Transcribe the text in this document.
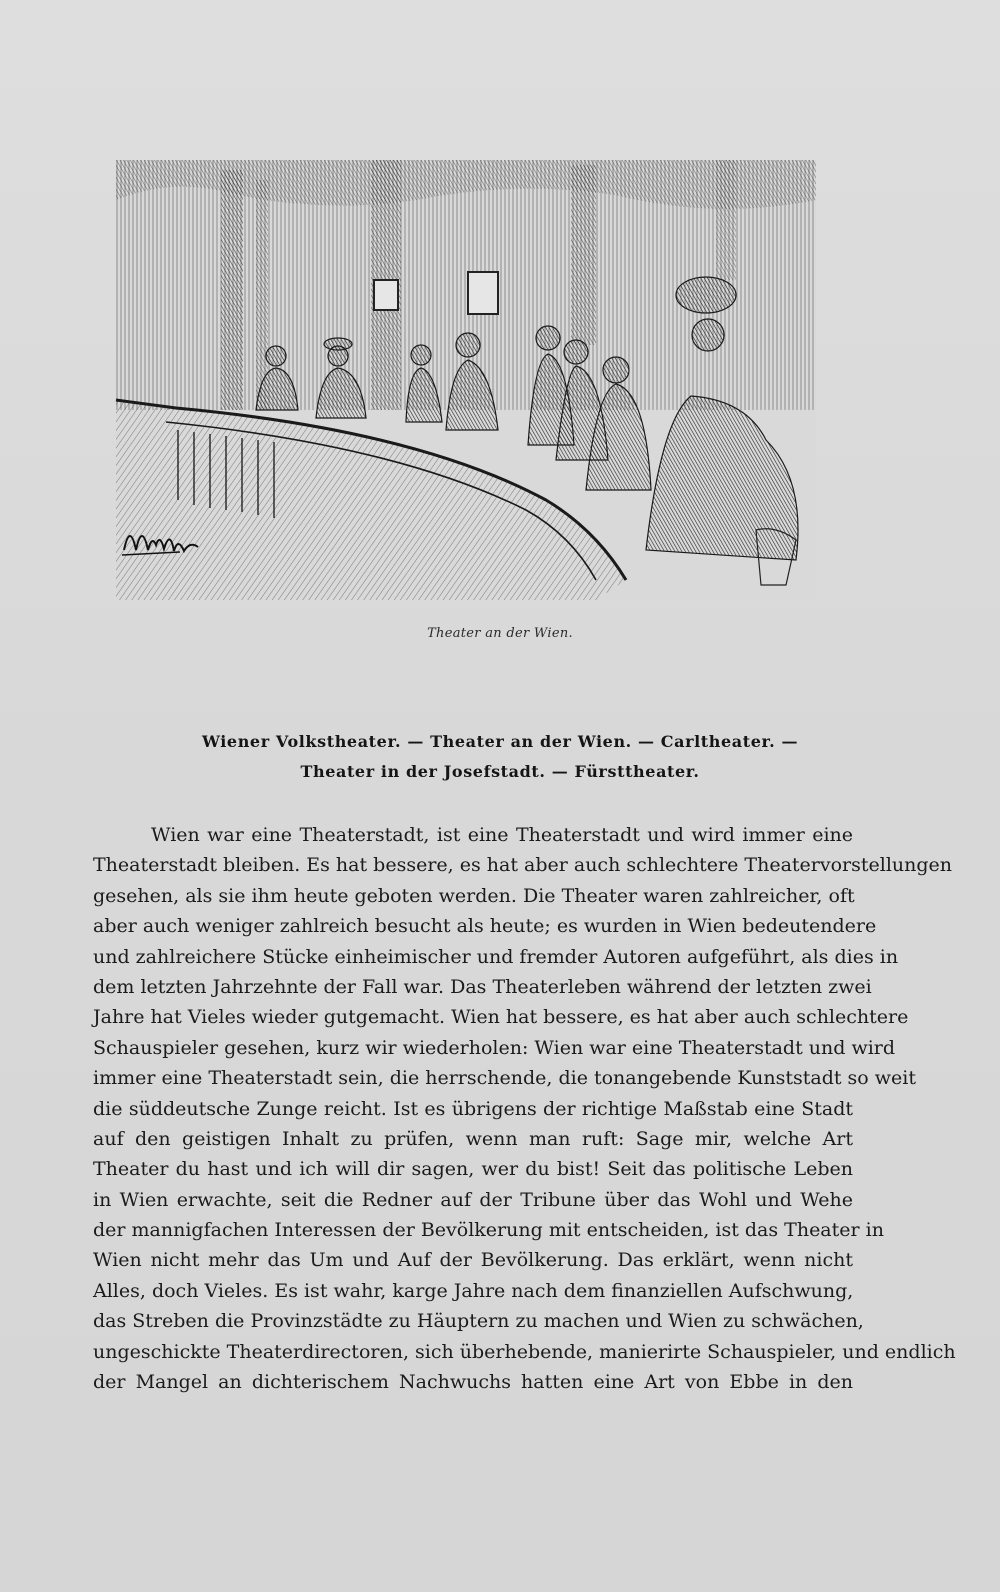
Theater an der Wien.
Wiener Volkstheater. — Theater an der Wien. — Carltheater. —
Theater in der Josefstadt. — Fürsttheater.
Wien war eine Theaterstadt, ist eine Theaterstadt und wird immer eine
Theaterstadt bleiben. Es hat bessere, es hat aber auch schlechtere Theatervorstellungen
gesehen, als sie ihm heute geboten werden. Die Theater waren zahlreicher, oft
aber auch weniger zahlreich besucht als heute; es wurden in Wien bedeutendere
und zahlreichere Stücke einheimischer und fremder Autoren aufgeführt, als dies in
dem letzten Jahrzehnte der Fall war. Das Theaterleben während der letzten zwei
Jahre hat Vieles wieder gutgemacht. Wien hat bessere, es hat aber auch schlechtere
Schauspieler gesehen, kurz wir wiederholen: Wien war eine Theaterstadt und wird
immer eine Theaterstadt sein, die herrschende, die tonangebende Kunststadt so weit
die süddeutsche Zunge reicht. Ist es übrigens der richtige Maßstab eine Stadt
auf den geistigen Inhalt zu prüfen, wenn man ruft: Sage mir, welche Art
Theater du hast und ich will dir sagen, wer du bist! Seit das politische Leben
in Wien erwachte, seit die Redner auf der Tribune über das Wohl und Wehe
der mannigfachen Interessen der Bevölkerung mit entscheiden, ist das Theater in
Wien nicht mehr das Um und Auf der Bevölkerung. Das erklärt, wenn nicht
Alles, doch Vieles. Es ist wahr, karge Jahre nach dem finanziellen Aufschwung,
das Streben die Provinzstädte zu Häuptern zu machen und Wien zu schwächen,
ungeschickte Theaterdirectoren, sich überhebende, manierirte Schauspieler, und endlich
der Mangel an dichterischem Nachwuchs hatten eine Art von Ebbe in den
